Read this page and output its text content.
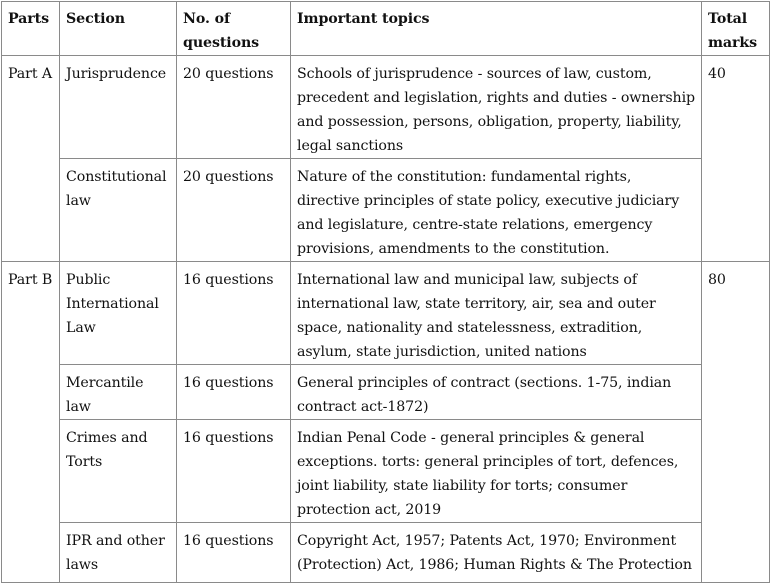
Parts	Section	No. of questions	Important topics	Total marks
Part A	Jurisprudence	20 questions	Schools of jurisprudence - sources of law, custom, precedent and legislation, rights and duties - ownership and possession, persons, obligation, property, liability, legal sanctions	40
	Constitutional law	20 questions	Nature of the constitution: fundamental rights, directive principles of state policy, executive judiciary and legislature, centre-state relations, emergency provisions, amendments to the constitution.	
Part B	Public International Law	16 questions	International law and municipal law, subjects of international law, state territory, air, sea and outer space, nationality and statelessness, extradition, asylum, state jurisdiction, united nations	80
	Mercantile law	16 questions	General principles of contract (sections. 1-75, indian contract act-1872)	
	Crimes and Torts	16 questions	Indian Penal Code - general principles & general exceptions. torts: general principles of tort, defences, joint liability, state liability for torts; consumer protection act, 2019	
	IPR and other laws	16 questions	Copyright Act, 1957; Patents Act, 1970; Environment (Protection) Act, 1986; Human Rights & The Protection	
